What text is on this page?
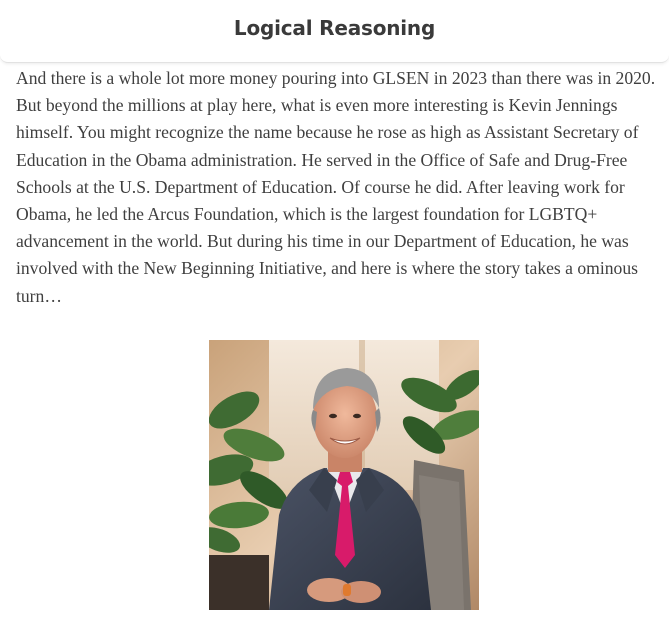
Logical Reasoning

And there is a whole lot more money pouring into GLSEN in 2023 than there was in 2020. But beyond the millions at play here, what is even more interesting is Kevin Jennings himself. You might recognize the name because he rose as high as Assistant Secretary of Education in the Obama administration. He served in the Office of Safe and Drug-Free Schools at the U.S. Department of Education. Of course he did. After leaving work for Obama, he led the Arcus Foundation, which is the largest foundation for LGBTQ+ advancement in the world. But during his time in our Department of Education, he was involved with the New Beginning Initiative, and here is where the story takes a ominous turn…
